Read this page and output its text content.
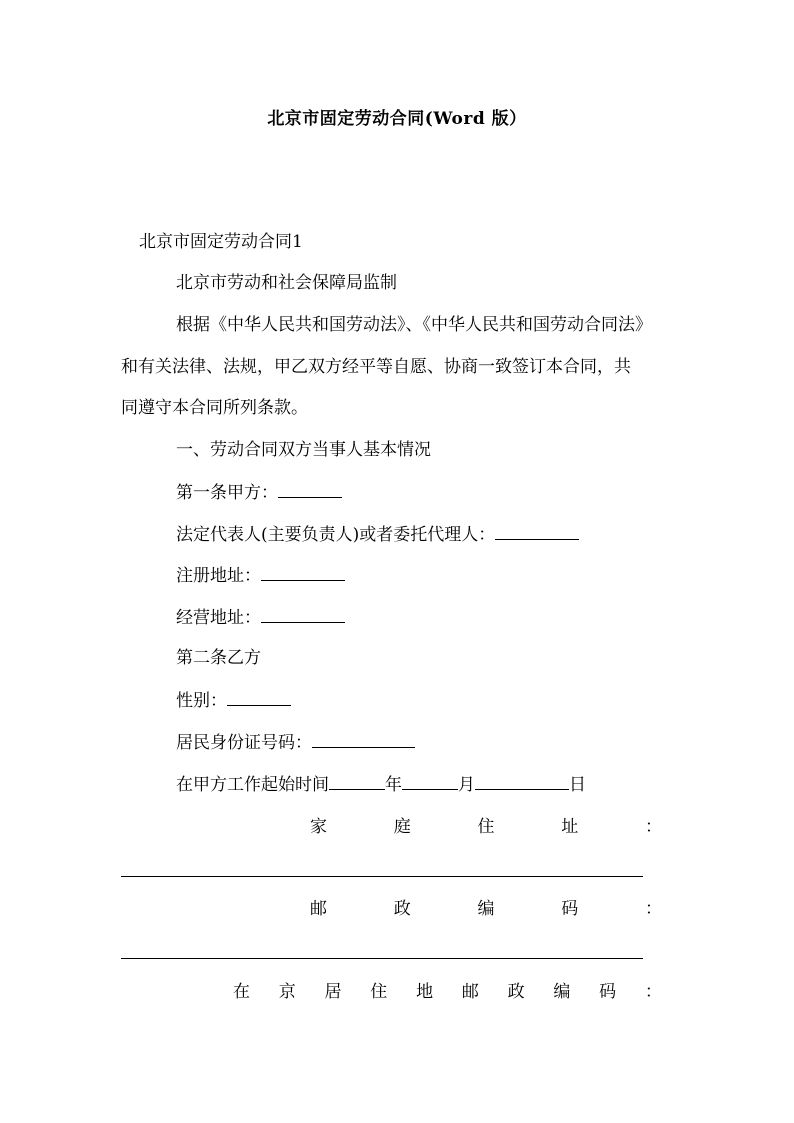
北京市固定劳动合同(Word 版）
北京市固定劳动合同1
北京市劳动和社会保障局监制
根据《中华人民共和国劳动法》、《中华人民共和国劳动合同法》
和有关法律、法规，甲乙双方经平等自愿、协商一致签订本合同，共
同遵守本合同所列条款。
一、劳动合同双方当事人基本情况
第一条甲方：
法定代表人(主要负责人)或者委托代理人：
注册地址：
经营地址：
第二条乙方
性别：
居民身份证号码：
在甲方工作起始时间	年	月	日
家	庭	住	址	：
邮	政	编	码	：
在 京 居 住 地 邮 政 编 码 ：
